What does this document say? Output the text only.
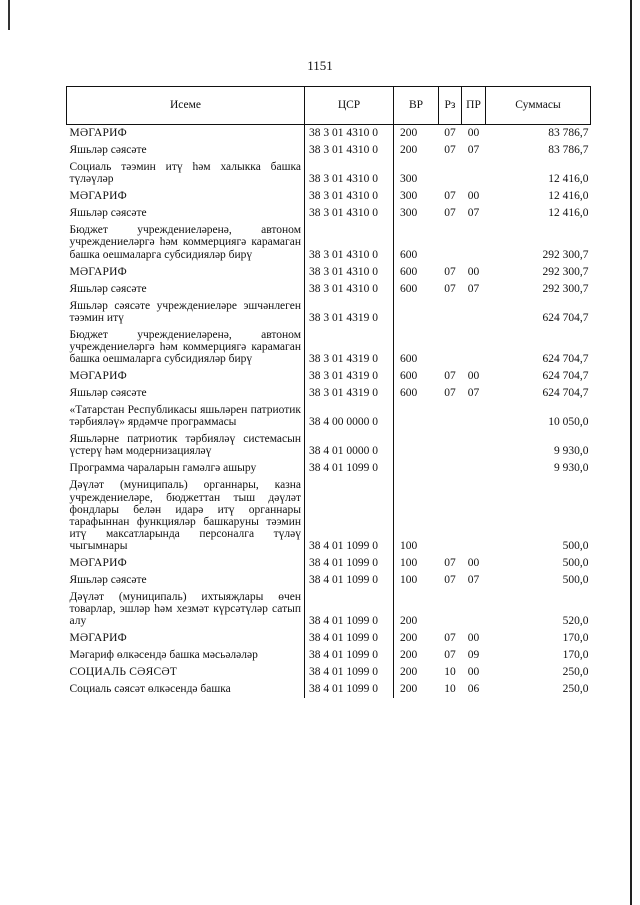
1151
Исеме	ЦСР	ВР	Рз	ПР	Суммасы
МӘГАРИФ	38 3 01 4310 0	200	07	00	83 786,7
Яшьләр сәясәте	38 3 01 4310 0	200	07	07	83 786,7
Социаль тәэмин итү һәм халыкка башка түләүләр	38 3 01 4310 0	300			12 416,0
МӘГАРИФ	38 3 01 4310 0	300	07	00	12 416,0
Яшьләр сәясәте	38 3 01 4310 0	300	07	07	12 416,0
Бюджет учреждениеләренә, автоном учреждениеләргә һәм коммерциягә карамаган башка оешмаларга субсидияләр бирү	38 3 01 4310 0	600			292 300,7
МӘГАРИФ	38 3 01 4310 0	600	07	00	292 300,7
Яшьләр сәясәте	38 3 01 4310 0	600	07	07	292 300,7
Яшьләр сәясәте учреждениеләре эшчәнлеген тәэмин итү	38 3 01 4319 0				624 704,7
Бюджет учреждениеләренә, автоном учреждениеләргә һәм коммерциягә карамаган башка оешмаларга субсидияләр бирү	38 3 01 4319 0	600			624 704,7
МӘГАРИФ	38 3 01 4319 0	600	07	00	624 704,7
Яшьләр сәясәте	38 3 01 4319 0	600	07	07	624 704,7
«Татарстан Республикасы яшьләрен патриотик тәрбияләү» ярдәмче программасы	38 4 00 0000 0				10 050,0
Яшьләрне патриотик тәрбияләү системасын үстерү һәм модернизацияләү	38 4 01 0000 0				9 930,0
Программа чараларын гамәлгә ашыру	38 4 01 1099 0				9 930,0
Дәүләт (муниципаль) органнары, казна учреждениеләре, бюджеттан тыш дәүләт фондлары белән идарә итү органнары тарафыннан функцияләр башкаруны тәэмин итү максатларында персоналга түләү чыгымнары	38 4 01 1099 0	100			500,0
МӘГАРИФ	38 4 01 1099 0	100	07	00	500,0
Яшьләр сәясәте	38 4 01 1099 0	100	07	07	500,0
Дәүләт (муниципаль) ихтыяҗлары өчен товарлар, эшләр һәм хезмәт күрсәтүләр сатып алу	38 4 01 1099 0	200			520,0
МӘГАРИФ	38 4 01 1099 0	200	07	00	170,0
Мәгариф өлкәсендә башка мәсьәләләр	38 4 01 1099 0	200	07	09	170,0
СОЦИАЛЬ СӘЯСӘТ	38 4 01 1099 0	200	10	00	250,0
Социаль сәясәт өлкәсендә башка	38 4 01 1099 0	200	10	06	250,0
